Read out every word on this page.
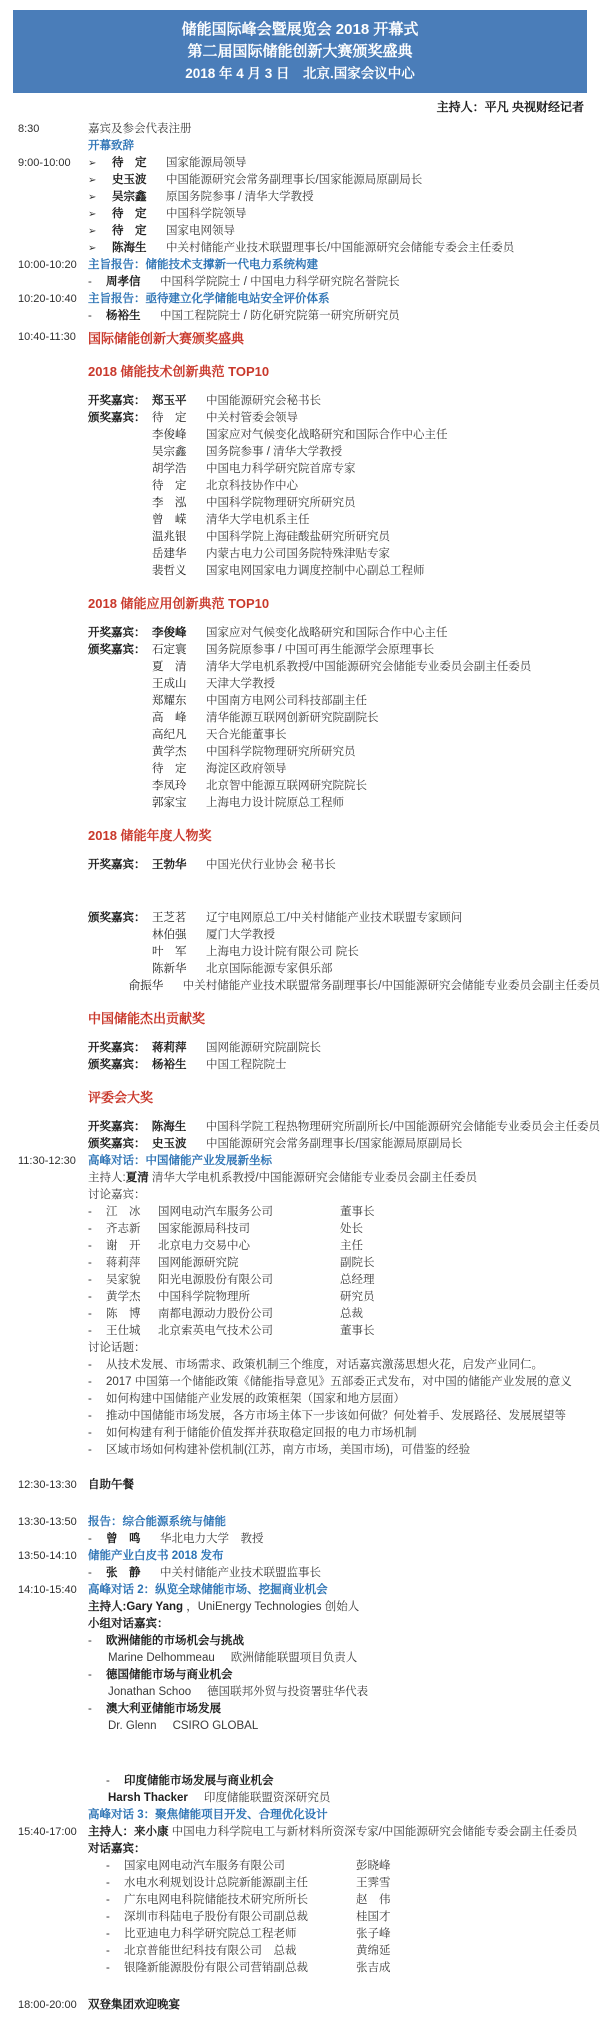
储能国际峰会暨展览会 2018 开幕式
第二届国际储能创新大赛颁奖盛典
2018 年 4 月 3 日　北京.国家会议中心
主持人：平凡 央视财经记者
8:30	嘉宾及参会代表注册
开幕致辞
9:00-10:00 ➢	待　定	国家能源局领导
➢	史玉波	中国能源研究会常务副理事长/国家能源局原副局长
➢	吴宗鑫	原国务院参事 / 清华大学教授
➢	待　定	中国科学院领导
➢	待　定	国家电网领导
➢	陈海生	中关村储能产业技术联盟理事长/中国能源研究会储能专委会主任委员
10:00-10:20 主旨报告：储能技术支撑新一代电力系统构建
-	周孝信	中国科学院院士 / 中国电力科学研究院名誉院长
10:20-10:40 主旨报告：亟待建立化学储能电站安全评价体系
-	杨裕生	中国工程院院士 / 防化研究院第一研究所研究员
10:40-11:30 国际储能创新大赛颁奖盛典
2018 储能技术创新典范 TOP10
开奖嘉宾： 郑玉平	中国能源研究会秘书长
颁奖嘉宾： 待　定	中关村管委会领导
李俊峰	国家应对气候变化战略研究和国际合作中心主任
吴宗鑫	国务院参事 / 清华大学教授
胡学浩	中国电力科学研究院首席专家
待　定	北京科技协作中心
李　泓	中国科学院物理研究所研究员
曾　嵘	清华大学电机系主任
温兆银	中国科学院上海硅酸盐研究所研究员
岳建华	内蒙古电力公司国务院特殊津贴专家
裴哲义	国家电网国家电力调度控制中心副总工程师
2018 储能应用创新典范 TOP10
开奖嘉宾： 李俊峰	国家应对气候变化战略研究和国际合作中心主任
颁奖嘉宾： 石定寰	国务院原参事 / 中国可再生能源学会原理事长
夏　清	清华大学电机系教授/中国能源研究会储能专业委员会副主任委员
王成山	天津大学教授
郑耀东	中国南方电网公司科技部副主任
高　峰	清华能源互联网创新研究院副院长
高纪凡	天合光能董事长
黄学杰	中国科学院物理研究所研究员
待　定	海淀区政府领导
李凤玲	北京智中能源互联网研究院院长
郭家宝	上海电力设计院原总工程师
2018 储能年度人物奖
开奖嘉宾： 王勃华	中国光伏行业协会 秘书长
颁奖嘉宾： 王芝茗	辽宁电网原总工/中关村储能产业技术联盟专家顾问
林伯强	厦门大学教授
叶　军	上海电力设计院有限公司 院长
陈新华	北京国际能源专家俱乐部
俞振华	中关村储能产业技术联盟常务副理事长/中国能源研究会储能专业委员会副主任委员
中国储能杰出贡献奖
开奖嘉宾： 蒋莉萍	国网能源研究院副院长
颁奖嘉宾： 杨裕生	中国工程院院士
评委会大奖
开奖嘉宾： 陈海生	中国科学院工程热物理研究所副所长/中国能源研究会储能专业委员会主任委员
颁奖嘉宾： 史玉波	中国能源研究会常务副理事长/国家能源局原副局长
11:30-12:30 高峰对话：中国储能产业发展新坐标
主持人: 夏清 清华大学电机系教授/中国能源研究会储能专业委员会副主任委员
讨论嘉宾：
-	江　冰	国网电动汽车服务公司	董事长
-	齐志新	国家能源局科技司	处长
-	谢　开	北京电力交易中心	主任
-	蒋莉萍	国网能源研究院	副院长
-	吴家貌	阳光电源股份有限公司	总经理
-	黄学杰	中国科学院物理所	研究员
-	陈　博	南都电源动力股份公司	总裁
-	王仕城	北京索英电气技术公司	董事长
讨论话题：
-	从技术发展、市场需求、政策机制三个维度，对话嘉宾激荡思想火花，启发产业同仁。
-	2017 中国第一个储能政策《储能指导意见》五部委正式发布，对中国的储能产业发展的意义
-	如何构建中国储能产业发展的政策框架（国家和地方层面）
-	推动中国储能市场发展，各方市场主体下一步该如何做？何处着手、发展路径、发展展望等
-	如何构建有利于储能价值发挥并获取稳定回报的电力市场机制
-	区域市场如何构建补偿机制(江苏，南方市场，美国市场)，可借鉴的经验
12:30-13:30 自助午餐
13:30-13:50 报告：综合能源系统与储能
-	曾　鸣	华北电力大学　教授
13:50-14:10 储能产业白皮书 2018 发布
-	张　静	中关村储能产业技术联盟监事长
14:10-15:40 高峰对话 2：纵览全球储能市场、挖掘商业机会
主持人: Gary Yang ，UniEnergy Technologies 创始人
小组对话嘉宾：
-	欧洲储能的市场机会与挑战
Marine Delhommeau 欧洲储能联盟项目负责人
-	德国储能市场与商业机会
Jonathan Schoo 德国联邦外贸与投资署驻华代表
-	澳大利亚储能市场发展
Dr. Glenn CSIRO GLOBAL
-	印度储能市场发展与商业机会
Harsh Thacker 印度储能联盟资深研究员
高峰对话 3：聚焦储能项目开发、合理优化设计
15:40-17:00 主持人： 来小康 中国电力科学院电工与新材料所资深专家/中国能源研究会储能专委会副主任委员
对话嘉宾：
-	国家电网电动汽车服务有限公司	彭晓峰
-	水电水利规划设计总院新能源副主任	王霁雪
-	广东电网电科院储能技术研究所所长	赵　伟
-	深圳市科陆电子股份有限公司副总裁	桂国才
-	比亚迪电力科学研究院总工程老师	张子峰
-	北京普能世纪科技有限公司　总裁	黄绵延
-	银隆新能源股份有限公司营销副总裁	张吉成
18:00-20:00 双登集团欢迎晚宴
